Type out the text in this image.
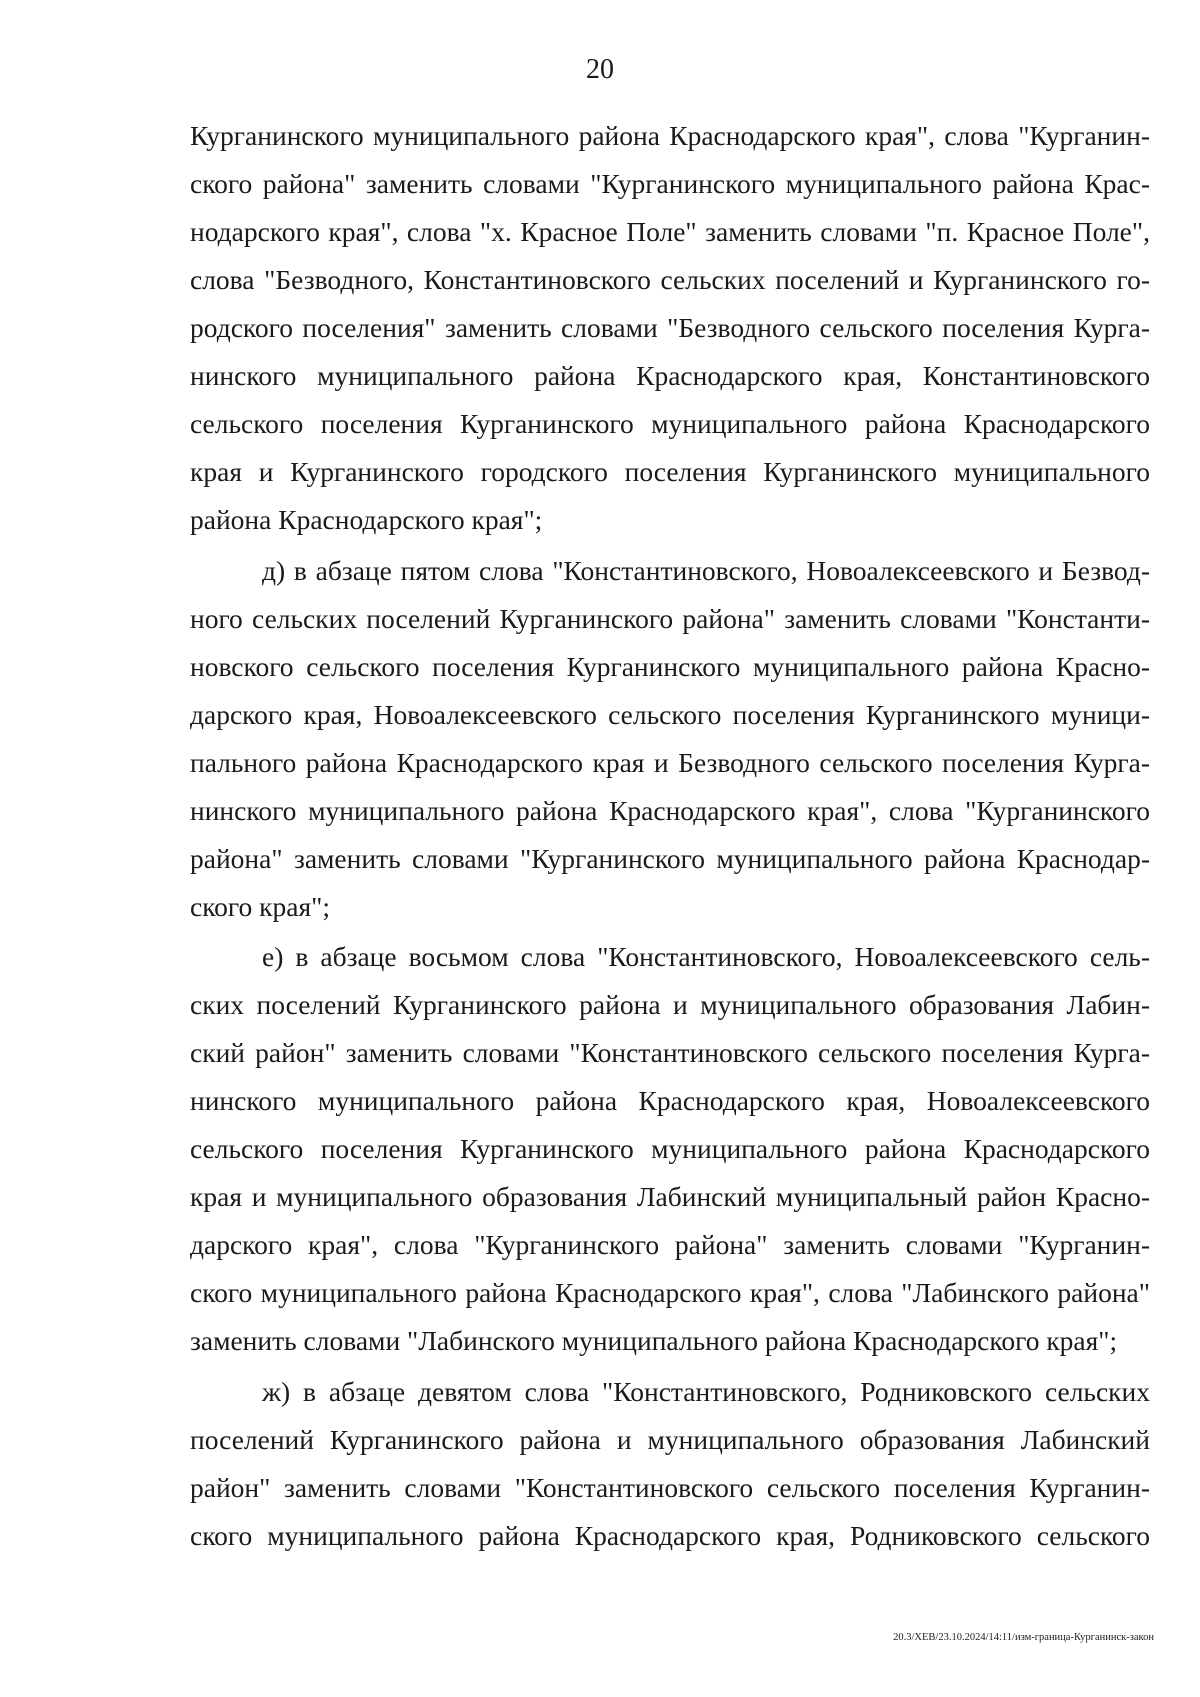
20
Курганинского муниципального района Краснодарского края", слова "Курганин-
ского района" заменить словами "Курганинского муниципального района Крас-
нодарского края", слова "х. Красное Поле" заменить словами "п. Красное Поле",
слова "Безводного, Константиновского сельских поселений и Курганинского го-
родского поселения" заменить словами "Безводного сельского поселения Курга-
нинского муниципального района Краснодарского края, Константиновского
сельского поселения Курганинского муниципального района Краснодарского
края и Курганинского городского поселения Курганинского муниципального
района Краснодарского края";
д) в абзаце пятом слова "Константиновского, Новоалексеевского и Безвод-
ного сельских поселений Курганинского района" заменить словами "Константи-
новского сельского поселения Курганинского муниципального района Красно-
дарского края, Новоалексеевского сельского поселения Курганинского муници-
пального района Краснодарского края и Безводного сельского поселения Курга-
нинского муниципального района Краснодарского края", слова "Курганинского
района" заменить словами "Курганинского муниципального района Краснодар-
ского края";
е) в абзаце восьмом слова "Константиновского, Новоалексеевского сель-
ских поселений Курганинского района и муниципального образования Лабин-
ский район" заменить словами "Константиновского сельского поселения Курга-
нинского муниципального района Краснодарского края, Новоалексеевского
сельского поселения Курганинского муниципального района Краснодарского
края и муниципального образования Лабинский муниципальный район Красно-
дарского края", слова "Курганинского района" заменить словами "Курганин-
ского муниципального района Краснодарского края", слова "Лабинского района"
заменить словами "Лабинского муниципального района Краснодарского края";
ж) в абзаце девятом слова "Константиновского, Родниковского сельских
поселений Курганинского района и муниципального образования Лабинский
район" заменить словами "Константиновского сельского поселения Курганин-
ского муниципального района Краснодарского края, Родниковского сельского
20.3/ХЕВ/23.10.2024/14:11/изм-граница-Курганинск-закон
